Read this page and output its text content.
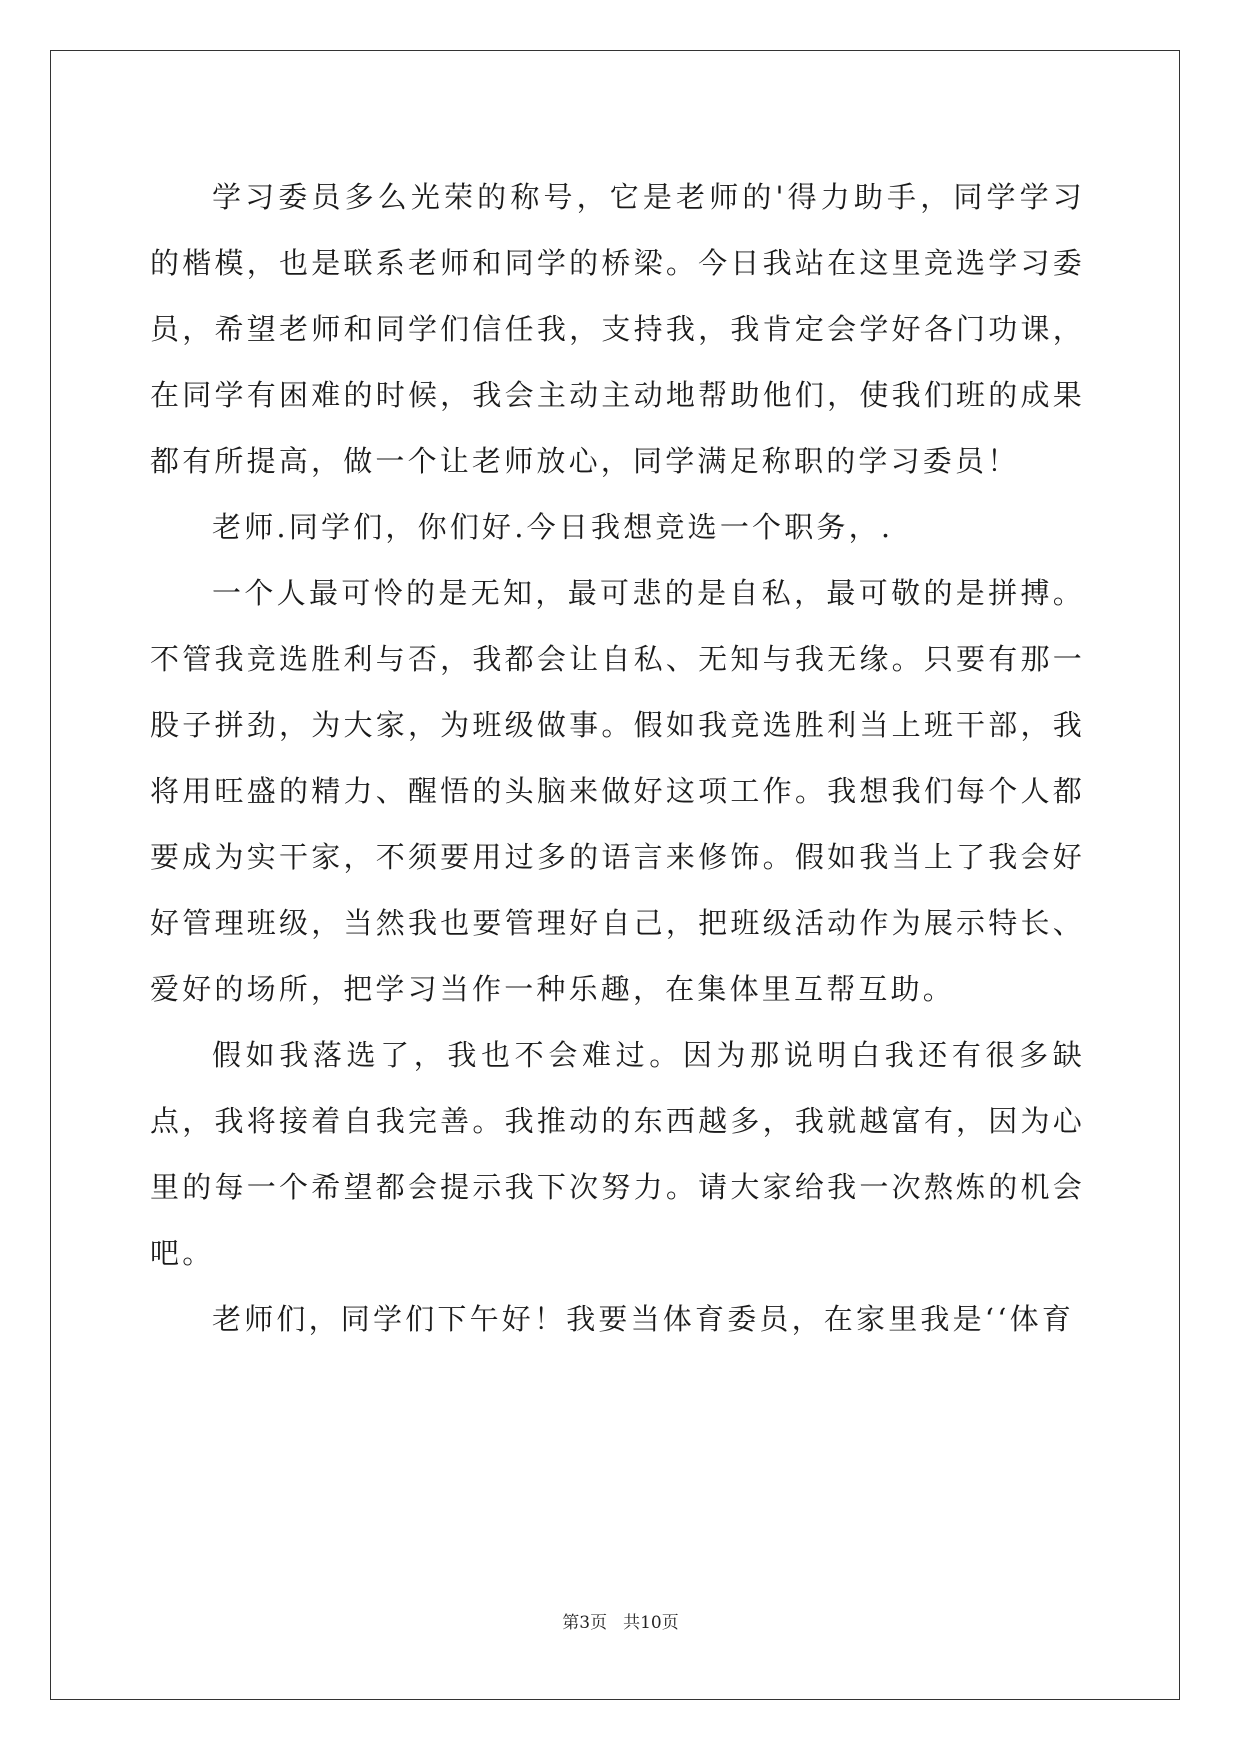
学习委员多么光荣的称号，它是老师的'得力助手，同学学习的楷模，也是联系老师和同学的桥梁。今日我站在这里竞选学习委员，希望老师和同学们信任我，支持我，我肯定会学好各门功课，在同学有困难的时候，我会主动主动地帮助他们，使我们班的成果都有所提高，做一个让老师放心，同学满足称职的学习委员！

老师.同学们，你们好.今日我想竞选一个职务，.

一个人最可怜的是无知，最可悲的是自私，最可敬的是拼搏。不管我竞选胜利与否，我都会让自私、无知与我无缘。只要有那一股子拼劲，为大家，为班级做事。假如我竞选胜利当上班干部，我将用旺盛的精力、醒悟的头脑来做好这项工作。我想我们每个人都要成为实干家，不须要用过多的语言来修饰。假如我当上了我会好好管理班级，当然我也要管理好自己，把班级活动作为展示特长、爱好的场所，把学习当作一种乐趣，在集体里互帮互助。

假如我落选了，我也不会难过。因为那说明白我还有很多缺点，我将接着自我完善。我推动的东西越多，我就越富有，因为心里的每一个希望都会提示我下次努力。请大家给我一次熬炼的机会吧。

老师们，同学们下午好！我要当体育委员，在家里我是‘‘体育

第3页 共10页
